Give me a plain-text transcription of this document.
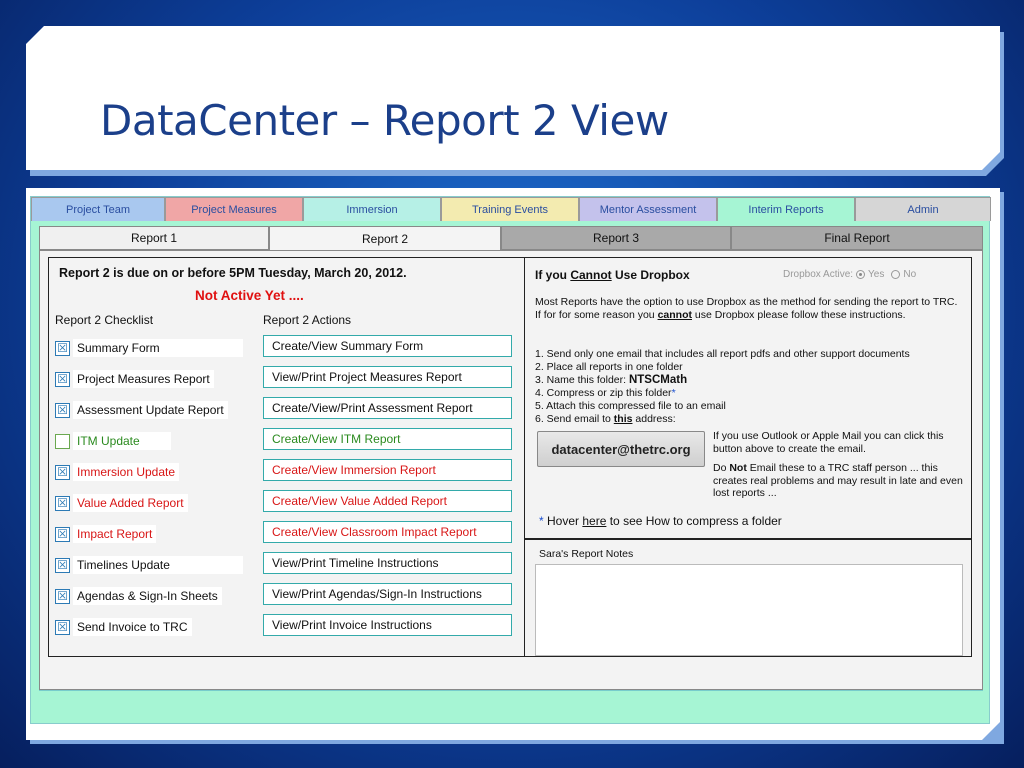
DataCenter – Report 2 View
Project Team	Project Measures	Immersion	Training Events	Mentor Assessment	Interim Reports	Admin
Report 1	Report 2	Report 3	Final Report
Report 2 is due on or before 5PM Tuesday, March 20, 2012.
Not Active Yet ....
Report 2 Checklist	Report 2 Actions
☒ Summary Form	Create/View Summary Form
☒ Project Measures Report	View/Print Project Measures Report
☒ Assessment Update Report	Create/View/Print Assessment Report
ITM Update	Create/View ITM Report
☒ Immersion Update	Create/View Immersion Report
☒ Value Added Report	Create/View Value Added Report
☒ Impact Report	Create/View Classroom Impact Report
☒ Timelines Update	View/Print Timeline Instructions
☒ Agendas & Sign-In Sheets	View/Print Agendas/Sign-In Instructions
☒ Send Invoice to TRC	View/Print Invoice Instructions
If you Cannot Use Dropbox	Dropbox Active: Yes No
Most Reports have the option to use Dropbox as the method for sending the report to TRC. If for for some reason you cannot use Dropbox please follow these instructions.
1. Send only one email that includes all report pdfs and other support documents
2. Place all reports in one folder
3. Name this folder: NTSCMath
4. Compress or zip this folder*
5. Attach this compressed file to an email
6. Send email to this address:
datacenter@thetrc.org
If you use Outlook or Apple Mail you can click this button above to create the email.
Do Not Email these to a TRC staff person ... this creates real problems and may result in late and even lost reports ...
* Hover here to see How to compress a folder
Sara's Report Notes
